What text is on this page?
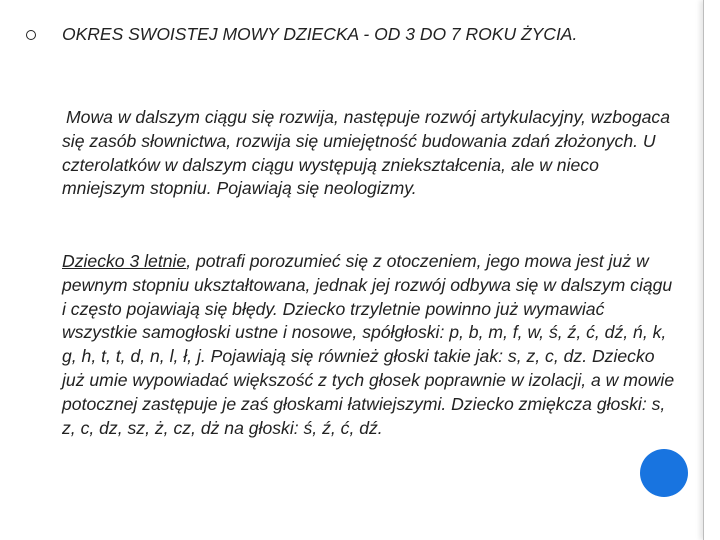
OKRES SWOISTEJ MOWY DZIECKA - OD 3 DO 7 ROKU ŻYCIA.

Mowa w dalszym ciągu się rozwija, następuje rozwój artykulacyjny, wzbogaca się zasób słownictwa, rozwija się umiejętność budowania zdań złożonych. U czterolatków w dalszym ciągu występują zniekształcenia, ale w nieco mniejszym stopniu. Pojawiają się neologizmy.

Dziecko 3 letnie, potrafi porozumieć się z otoczeniem, jego mowa jest już w pewnym stopniu ukształtowana, jednak jej rozwój odbywa się w dalszym ciągu i często pojawiają się błędy. Dziecko trzyletnie powinno już wymawiać wszystkie samogłoski ustne i nosowe, spółgłoski: p, b, m, f, w, ś, ź, ć, dź, ń, k, g, h, t, t, d, n, l, ł, j. Pojawiają się również głoski takie jak: s, z, c, dz. Dziecko już umie wypowiadać większość z tych głosek poprawnie w izolacji, a w mowie potocznej zastępuje je zaś głoskami łatwiejszymi. Dziecko zmiękcza głoski: s, z, c, dz, sz, ż, cz, dż na głoski: ś, ź, ć, dź.
